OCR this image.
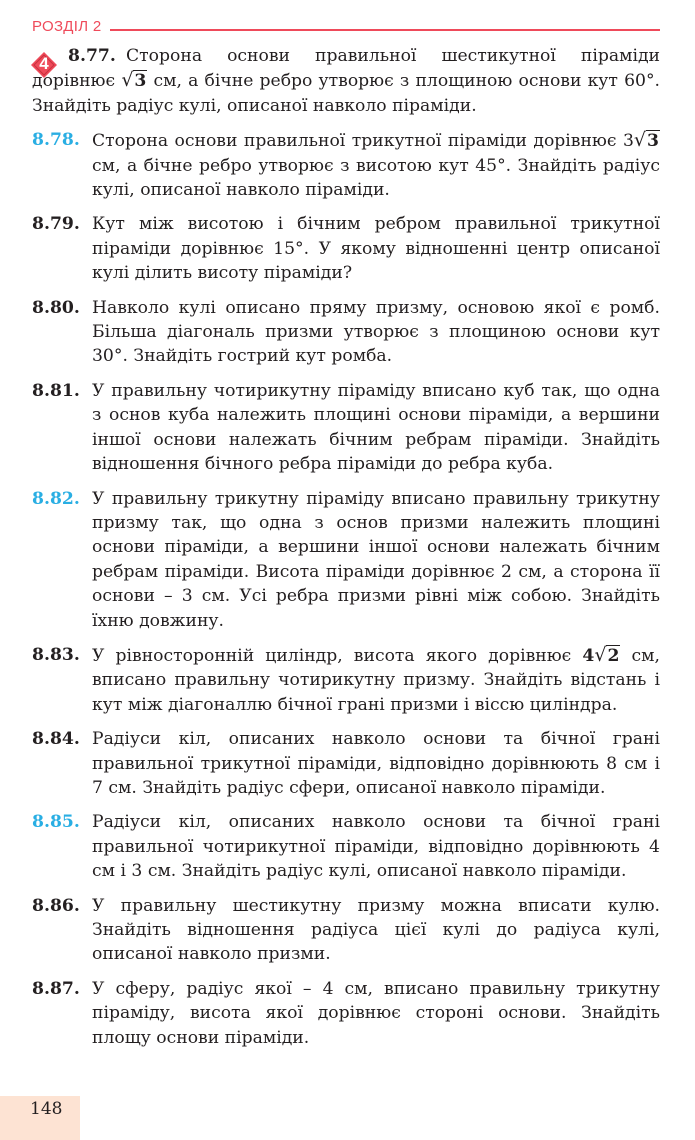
РОЗДІЛ 2
4	8.77. Сторона основи правильної шестикутної піраміди дорівнює √3 см, а бічне ребро утворює з площиною основи кут 60°. Знайдіть радіус кулі, описаної навколо піраміди.
8.78. Сторона основи правильної трикутної піраміди дорівнює 3√3 см, а бічне ребро утворює з висотою кут 45°. Знайдіть радіус кулі, описаної навколо піраміди.
8.79. Кут між висотою і бічним ребром правильної трикутної піраміди дорівнює 15°. У якому відношенні центр описаної кулі ділить висоту піраміди?
8.80. Навколо кулі описано пряму призму, основою якої є ромб. Більша діагональ призми утворює з площиною основи кут 30°. Знайдіть гострий кут ромба.
8.81. У правильну чотирикутну піраміду вписано куб так, що одна з основ куба належить площині основи піраміди, а вершини іншої основи належать бічним ребрам піраміди. Знайдіть відношення бічного ребра піраміди до ребра куба.
8.82. У правильну трикутну піраміду вписано правильну трикутну призму так, що одна з основ призми належить площині основи піраміди, а вершини іншої основи належать бічним ребрам піраміди. Висота піраміди дорівнює 2 см, а сторона її основи – 3 см. Усі ребра призми рівні між собою. Знайдіть їхню довжину.
8.83. У рівносторонній циліндр, висота якого дорівнює 4√2 см, вписано правильну чотирикутну призму. Знайдіть відстань і кут між діагоналлю бічної грані призми і віссю циліндра.
8.84. Радіуси кіл, описаних навколо основи та бічної грані правильної трикутної піраміди, відповідно дорівнюють 8 см і 7 см. Знайдіть радіус сфери, описаної навколо піраміди.
8.85. Радіуси кіл, описаних навколо основи та бічної грані правильної чотирикутної піраміди, відповідно дорівнюють 4 см і 3 см. Знайдіть радіус кулі, описаної навколо піраміди.
8.86. У правильну шестикутну призму можна вписати кулю. Знайдіть відношення радіуса цієї кулі до радіуса кулі, описаної навколо призми.
8.87. У сферу, радіус якої – 4 см, вписано правильну трикутну піраміду, висота якої дорівнює стороні основи. Знайдіть площу основи піраміди.
148
